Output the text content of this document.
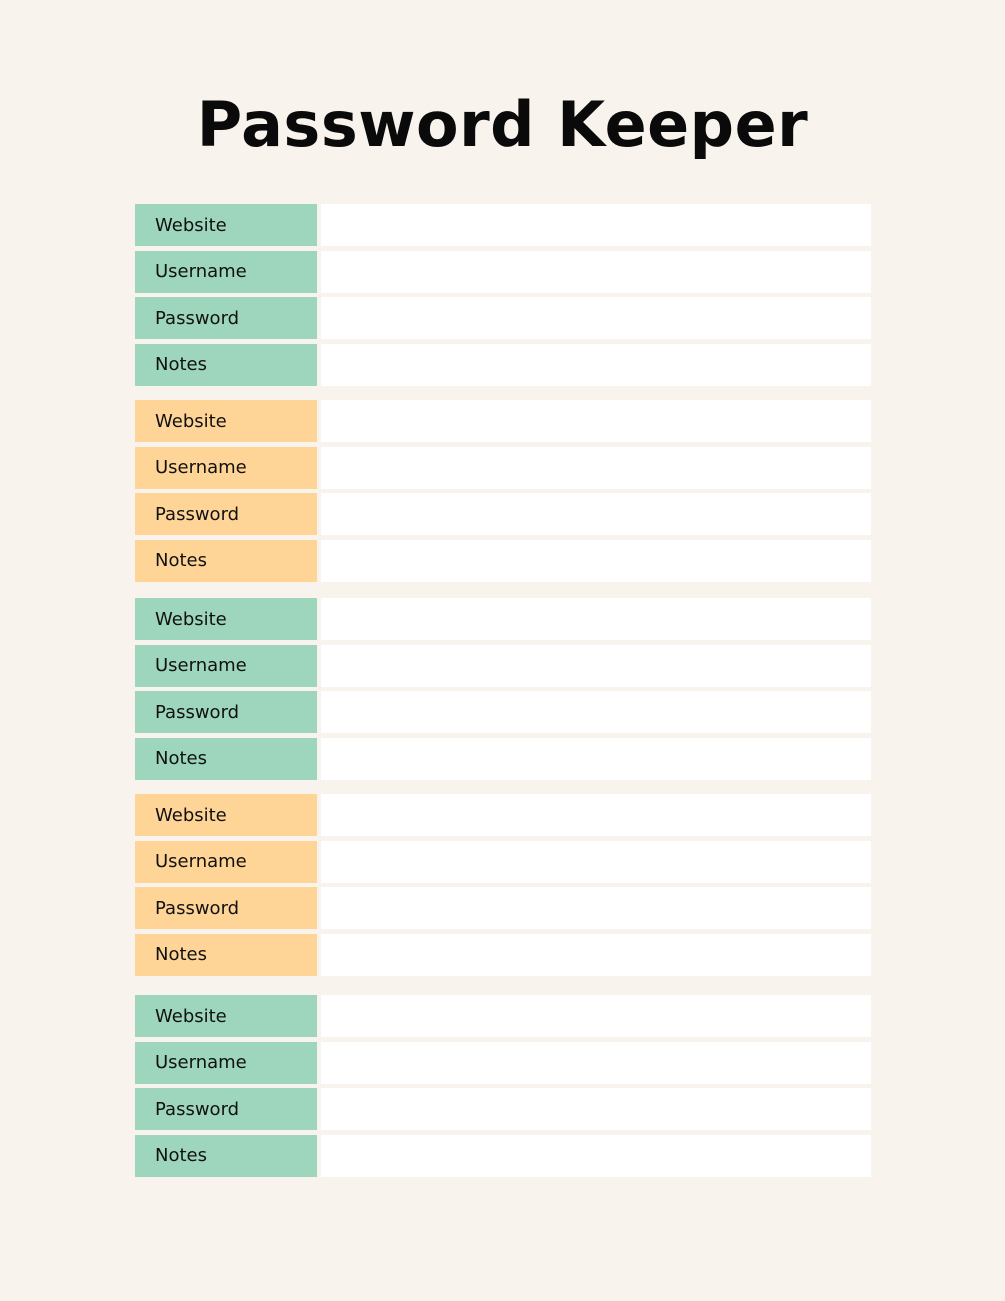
Password Keeper
Website
Username
Password
Notes
Website
Username
Password
Notes
Website
Username
Password
Notes
Website
Username
Password
Notes
Website
Username
Password
Notes
